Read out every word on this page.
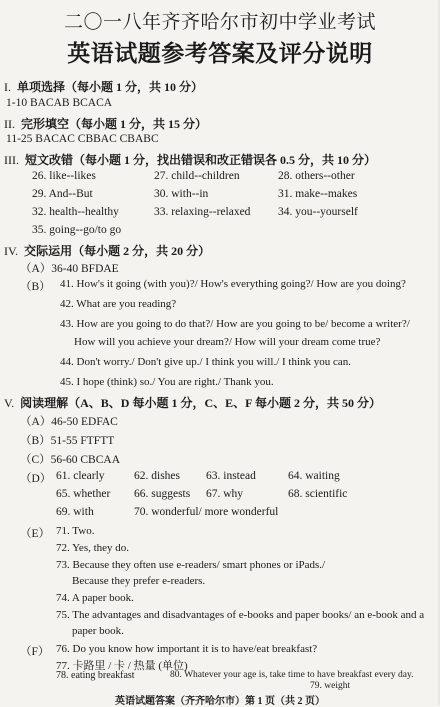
二〇一八年齐齐哈尔市初中学业考试
英语试题参考答案及评分说明
I. 单项选择（每小题 1 分，共 10 分）
1-10 BACAB BCACA
II. 完形填空（每小题 1 分，共 15 分）
11-25 BACAC CBBAC CBABC
III. 短文改错（每小题 1 分，找出错误和改正错误各 0.5 分，共 10 分）
26. like--likes	27. child--children	28. others--other
29. And--But	30. with--in	31. make--makes
32. health--healthy	33. relaxing--relaxed 34. you--yourself
35. going--go/to go
IV. 交际运用（每小题 2 分，共 20 分）
（A）36-40 BFDAE
（B） 41. How's it going (with you)?/ How's everything going?/ How are you doing?
42. What are you reading?
43. How are you going to do that?/ How are you going to be/ become a writer?/
How will you achieve your dream?/ How will your dream come true?
44. Don't worry./ Don't give up./ I think you will./ I think you can.
45. I hope (think) so./ You are right./ Thank you.
V. 阅读理解（A、B、D 每小题 1 分，C、E、F 每小题 2 分，共 50 分）
（A）46-50 EDFAC
（B）51-55 FTFTT
（C）56-60 CBCAA
（D） 61. clearly	62. dishes 63. instead	64. waiting
65. whether 66. suggests 67. why	68. scientific
69. with	70. wonderful/ more wonderful
（E） 71. Two.
72. Yes, they do.
73. Because they often use e-readers/ smart phones or iPads./
Because they prefer e-readers.
74. A paper book.
75. The advantages and disadvantages of e-books and paper books/ an e-book and a
paper book.
（F） 76. Do you know how important it is to have/eat breakfast?
77. 卡路里 / 卡 / 热量 (单位)
78. eating breakfast
79. weight
80. Whatever your age is, take time to have breakfast every day.
英语试题答案（齐齐哈尔市）第 1 页（共 2 页）
